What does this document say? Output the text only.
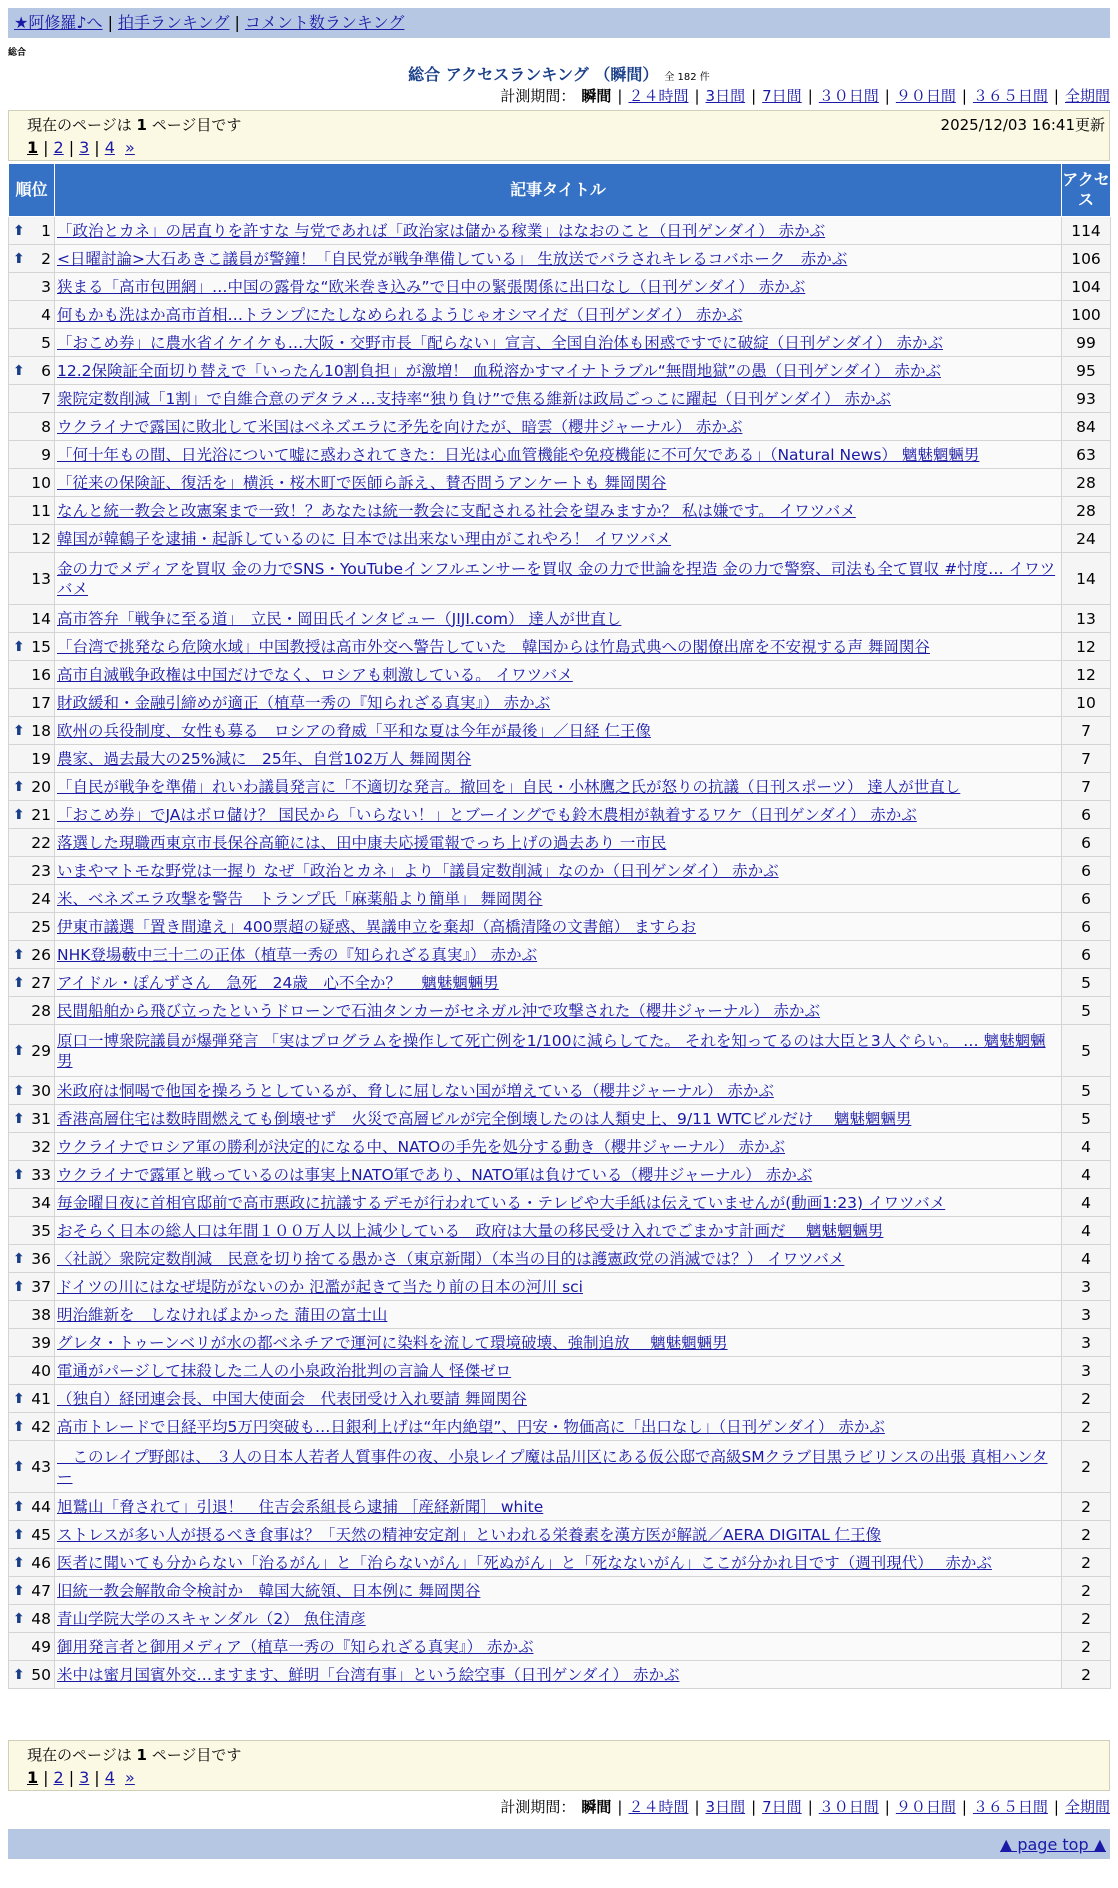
★阿修羅♪へ | 拍手ランキング | コメント数ランキング
総合
総合 アクセスランキング （瞬間） 全 182 件
計測期間： 瞬間 | ２４時間 | 3日間 | 7日間 | ３０日間 | ９０日間 | ３６５日間 | 全期間
現在のページは 1 ページ目です	2025/12/03 16:41更新
1 | 2 | 3 | 4 »
順位	記事タイトル	アクセス

⬆ 1	「政治とカネ」の居直りを許すな 与党であれば「政治家は儲かる稼業」はなおのこと（日刊ゲンダイ） 赤かぶ	114

⬆ 2	<日曜討論>大石あきこ議員が警鐘！「自民党が戦争準備している」 生放送でバラされキレるコバホーク　赤かぶ	106
3	狭まる「高市包囲網」…中国の露骨な“欧米巻き込み”で日中の緊張関係に出口なし（日刊ゲンダイ） 赤かぶ	104
4	何もかも洗はか高市首相…トランプにたしなめられるようじゃオシマイだ（日刊ゲンダイ） 赤かぶ	100
5	「おこめ券」に農水省イケイケも…大阪・交野市長「配らない」宣言、全国自治体も困惑ですでに破綻（日刊ゲンダイ） 赤かぶ	99

⬆ 6	12.2保険証全面切り替えで「いったん10割負担」が激増！ 血税溶かすマイナトラブル“無間地獄”の愚（日刊ゲンダイ） 赤かぶ	95
7	衆院定数削減「1割」で自維合意のデタラメ…支持率“独り負け”で焦る維新は政局ごっこに躍起（日刊ゲンダイ） 赤かぶ	93
8	ウクライナで露国に敗北して米国はベネズエラに矛先を向けたが、暗雲（櫻井ジャーナル） 赤かぶ	84
9	「何十年もの間、日光浴について嘘に惑わされてきた：日光は心血管機能や免疫機能に不可欠である」（Natural News） 魑魅魍魎男	63
10	「従来の保険証、復活を」横浜・桜木町で医師ら訴え、賛否問うアンケートも 舞岡関谷	28
11	なんと統一教会と改憲案まで一致！？あなたは統一教会に支配される社会を望みますか？ 私は嫌です。 イワツバメ	28
12	韓国が韓鶴子を逮捕・起訴しているのに 日本では出来ない理由がこれやろ！ イワツバメ	24
13	金の力でメディアを買収 金の力でSNS・YouTubeインフルエンサーを買収 金の力で世論を捏造 金の力で警察、司法も全て買収 #忖度… イワツバメ	14
14	高市答弁「戦争に至る道」　立民・岡田氏インタビュー（JIJI.com） 達人が世直し	13

⬆ 15	「台湾で挑発なら危険水域」中国教授は高市外交へ警告していた　韓国からは竹島式典への閣僚出席を不安視する声 舞岡関谷	12
16	高市自滅戦争政権は中国だけでなく、ロシアも刺激している。 イワツバメ	12
17	財政緩和・金融引締めが適正（植草一秀の『知られざる真実』） 赤かぶ	10

⬆ 18	欧州の兵役制度、女性も募る　ロシアの脅威「平和な夏は今年が最後」／日経 仁王像	7
19	農家、過去最大の25%減に　25年、自営102万人 舞岡関谷	7

⬆ 20	「自民が戦争を準備」れいわ議員発言に「不適切な発言。撤回を」自民・小林鷹之氏が怒りの抗議（日刊スポーツ） 達人が世直し	7

⬆ 21	「おこめ券」でJAはボロ儲け？ 国民から「いらない！」とブーイングでも鈴木農相が執着するワケ（日刊ゲンダイ） 赤かぶ	6
22	落選した現職西東京市長保谷高範には、田中康夫応援電報でっち上げの過去あり 一市民	6
23	いまやマトモな野党は一握り なぜ「政治とカネ」より「議員定数削減」なのか（日刊ゲンダイ） 赤かぶ	6
24	米、ベネズエラ攻撃を警告　トランプ氏「麻薬船より簡単」 舞岡関谷	6
25	伊東市議選「置き間違え」400票超の疑惑、異議申立を棄却（高橋清隆の文書館） ますらお	6

⬆ 26	NHK登場藪中三十二の正体（植草一秀の『知られざる真実』） 赤かぶ	6

⬆ 27	アイドル・ぽんずさん　急死　24歳　心不全か？　 魑魅魍魎男	5
28	民間船舶から飛び立ったというドローンで石油タンカーがセネガル沖で攻撃された（櫻井ジャーナル） 赤かぶ	5

⬆ 29	原口一博衆院議員が爆弾発言 「実はプログラムを操作して死亡例を1/100に減らしてた。 それを知ってるのは大臣と3人ぐらい。 … 魑魅魍魎男	5

⬆ 30	米政府は恫喝で他国を操ろうとしているが、脅しに屈しない国が増えている（櫻井ジャーナル） 赤かぶ	5

⬆ 31	香港高層住宅は数時間燃えても倒壊せず　火災で高層ビルが完全倒壊したのは人類史上、9/11 WTCビルだけ　 魑魅魍魎男	5
32	ウクライナでロシア軍の勝利が決定的になる中、NATOの手先を処分する動き（櫻井ジャーナル） 赤かぶ	4

⬆ 33	ウクライナで露軍と戦っているのは事実上NATO軍であり、NATO軍は負けている（櫻井ジャーナル） 赤かぶ	4
34	毎金曜日夜に首相官邸前で高市悪政に抗議するデモが行われている・テレビや大手紙は伝えていませんが(動画1:23) イワツバメ	4
35	おそらく日本の総人口は年間１００万人以上減少している　政府は大量の移民受け入れでごまかす計画だ　 魑魅魍魎男	4

⬆ 36	〈社説〉衆院定数削減　民意を切り捨てる愚かさ（東京新聞）（本当の目的は護憲政党の消滅では？） イワツバメ	4

⬆ 37	ドイツの川にはなぜ堤防がないのか 氾濫が起きて当たり前の日本の河川 sci	3
38	明治維新を　しなければよかった 蒲田の富士山	3
39	グレタ・トゥーンベリが水の都ベネチアで運河に染料を流して環境破壊、強制追放　 魑魅魍魎男	3
40	電通がパージして抹殺した二人の小泉政治批判の言論人 怪傑ゼロ	3

⬆ 41	（独自）経団連会長、中国大使面会　代表団受け入れ要請 舞岡関谷	2

⬆ 42	高市トレードで日経平均5万円突破も…日銀利上げは“年内絶望”、円安・物価高に「出口なし」（日刊ゲンダイ） 赤かぶ	2

⬆ 43	　このレイプ野郎は、 ３人の日本人若者人質事件の夜、小泉レイプ魔は品川区にある仮公邸で高級SMクラブ目黒ラビリンスの出張 真相ハンター	2

⬆ 44	旭鷲山「脅されて」引退！　住吉会系組長ら逮捕 ［産経新聞］ white	2

⬆ 45	ストレスが多い人が摂るべき食事は？「天然の精神安定剤」といわれる栄養素を漢方医が解説／AERA DIGITAL 仁王像	2

⬆ 46	医者に聞いても分からない「治るがん」と「治らないがん」「死ぬがん」と「死なないがん」ここが分かれ目です（週刊現代）　 赤かぶ	2

⬆ 47	旧統一教会解散命令検討か　韓国大統領、日本例に 舞岡関谷	2

⬆ 48	青山学院大学のスキャンダル（2） 魚住清彦	2
49	御用発言者と御用メディア（植草一秀の『知られざる真実』） 赤かぶ	2

⬆ 50	米中は蜜月国賓外交…ますます、鮮明「台湾有事」という絵空事（日刊ゲンダイ） 赤かぶ	2
現在のページは 1 ページ目です
1 | 2 | 3 | 4 »
計測期間： 瞬間 | ２４時間 | 3日間 | 7日間 | ３０日間 | ９０日間 | ３６５日間 | 全期間
▲ page top ▲
